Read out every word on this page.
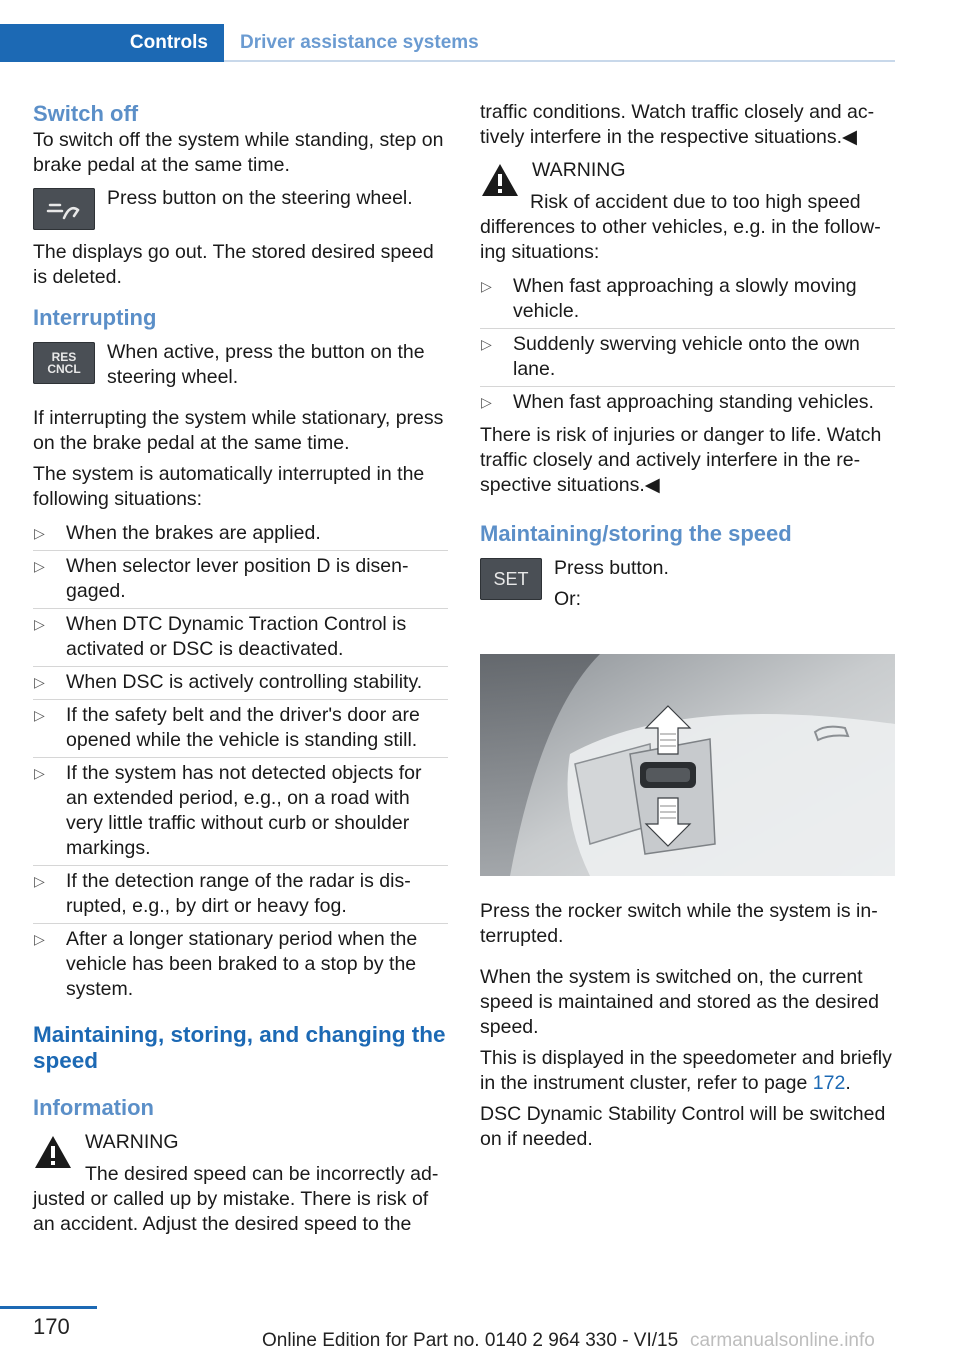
Controls	Driver assistance systems
Switch off

To switch off the system while standing, step on brake pedal at the same time.

Press button on the steering wheel.

The displays go out. The stored desired speed is deleted.

Interrupting
RES
CNCL

When active, press the button on the steering wheel.

If interrupting the system while stationary, press on the brake pedal at the same time.

The system is automatically interrupted in the following situations:

▷ When the brakes are applied.
▷ When selector lever position D is disengaged.
▷ When DTC Dynamic Traction Control is activated or DSC is deactivated.
▷ When DSC is actively controlling stability.
▷ If the safety belt and the driver's door are opened while the vehicle is standing still.
▷ If the system has not detected objects for an extended period, e.g., on a road with very little traffic without curb or shoulder markings.
▷ If the detection range of the radar is disrupted, e.g., by dirt or heavy fog.
▷ After a longer stationary period when the vehicle has been braked to a stop by the system.
Maintaining, storing, and changing the speed
Information
WARNING

The desired speed can be incorrectly adjusted or called up by mistake. There is risk of an accident. Adjust the desired speed to the

traffic conditions. Watch traffic closely and actively interfere in the respective situations.◀

WARNING

Risk of accident due to too high speed differences to other vehicles, e.g. in the following situations:

▷ When fast approaching a slowly moving vehicle.
▷ Suddenly swerving vehicle onto the own lane.
▷ When fast approaching standing vehicles.

There is risk of injuries or danger to life. Watch traffic closely and actively interfere in the respective situations.◀

Maintaining/storing the speed
SET Press button.

Or:

Press the rocker switch while the system is interrupted.

When the system is switched on, the current speed is maintained and stored as the desired speed.

This is displayed in the speedometer and briefly in the instrument cluster, refer to page 172.

DSC Dynamic Stability Control will be switched on if needed.

170
Online Edition for Part no. 0140 2 964 330 - VI/15 carmanualsonline.info
